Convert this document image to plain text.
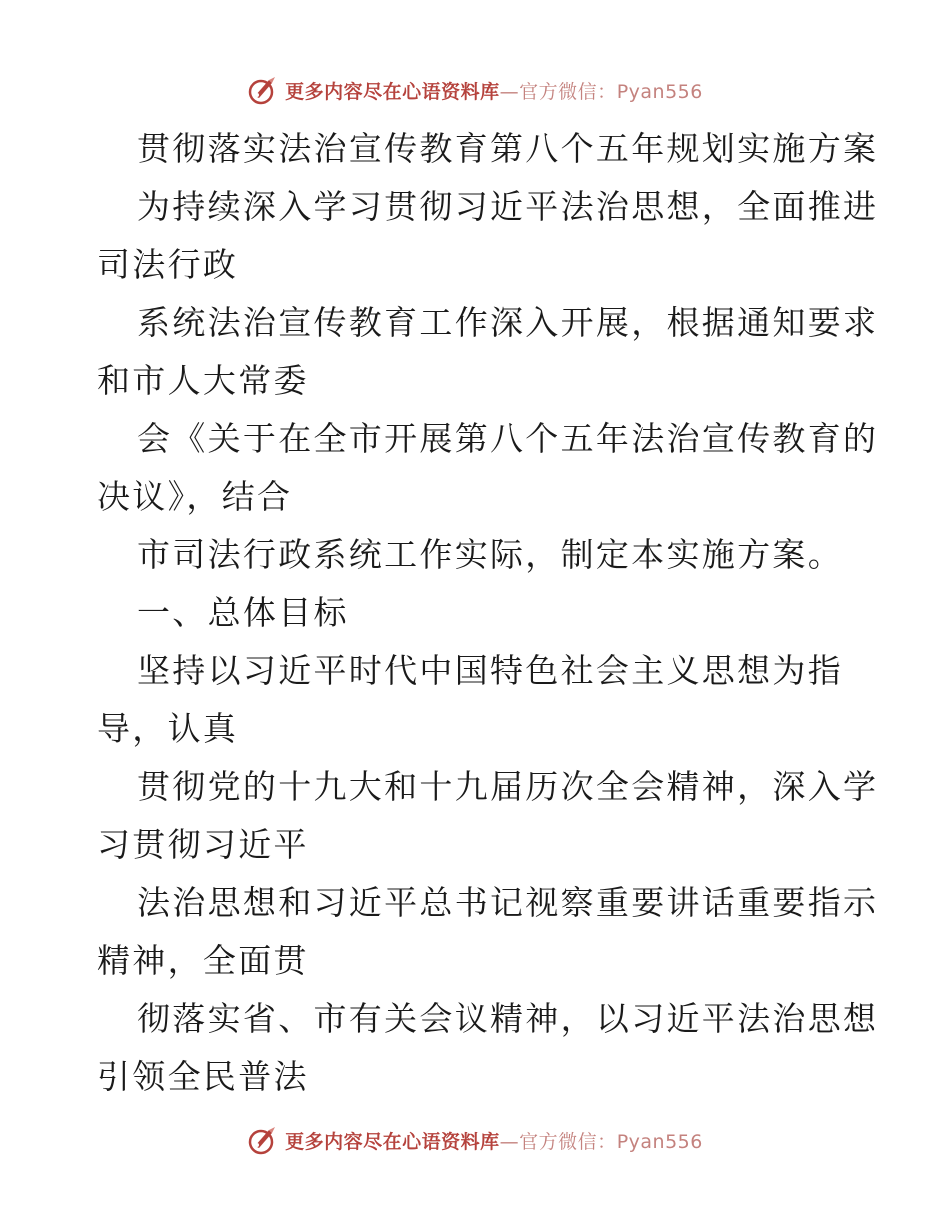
更多内容尽在心语资料库—官方微信：Pyan556
贯彻落实法治宣传教育第八个五年规划实施方案
为持续深入学习贯彻习近平法治思想，全面推进
司法行政
系统法治宣传教育工作深入开展，根据通知要求
和市人大常委
会《关于在全市开展第八个五年法治宣传教育的
决议》，结合
市司法行政系统工作实际，制定本实施方案。
一、总体目标
坚持以习近平时代中国特色社会主义思想为指
导，认真
贯彻党的十九大和十九届历次全会精神，深入学
习贯彻习近平
法治思想和习近平总书记视察重要讲话重要指示
精神，全面贯
彻落实省、市有关会议精神，以习近平法治思想
引领全民普法
更多内容尽在心语资料库—官方微信：Pyan556
